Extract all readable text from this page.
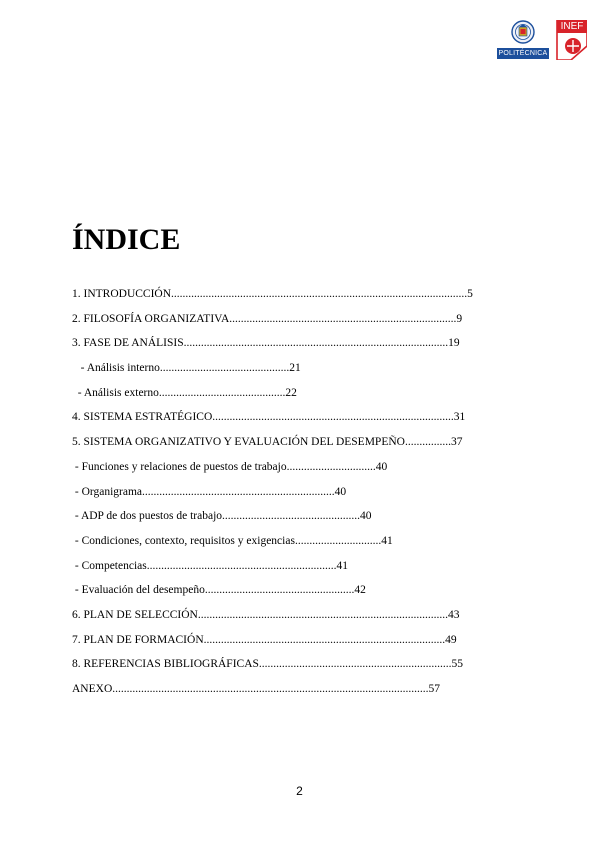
POLITÉCNICA
INEF
ÍNDICE
1. INTRODUCCIÓN ....................................................................................................... 5
2. FILOSOFÍA ORGANIZATIVA ............................................................................... 9
3. FASE DE ANÁLISIS ............................................................................................ 19

- Análisis interno ............................................. 21

- Análisis externo ............................................ 22
4. SISTEMA ESTRATÉGICO .................................................................................... 31
5. SISTEMA ORGANIZATIVO Y EVALUACIÓN DEL DESEMPEÑO ................ 37

- Funciones y relaciones de puestos de trabajo ............................... 40

- Organigrama ................................................................... 40

- ADP de dos puestos de trabajo ................................................ 40

- Condiciones, contexto, requisitos y exigencias .............................. 41

- Competencias .................................................................. 41

- Evaluación del desempeño .................................................... 42
6. PLAN DE SELECCIÓN ....................................................................................... 43
7. PLAN DE FORMACIÓN .................................................................................... 49
8. REFERENCIAS BIBLIOGRÁFICAS ................................................................... 55
ANEXO .............................................................................................................. 57
2
